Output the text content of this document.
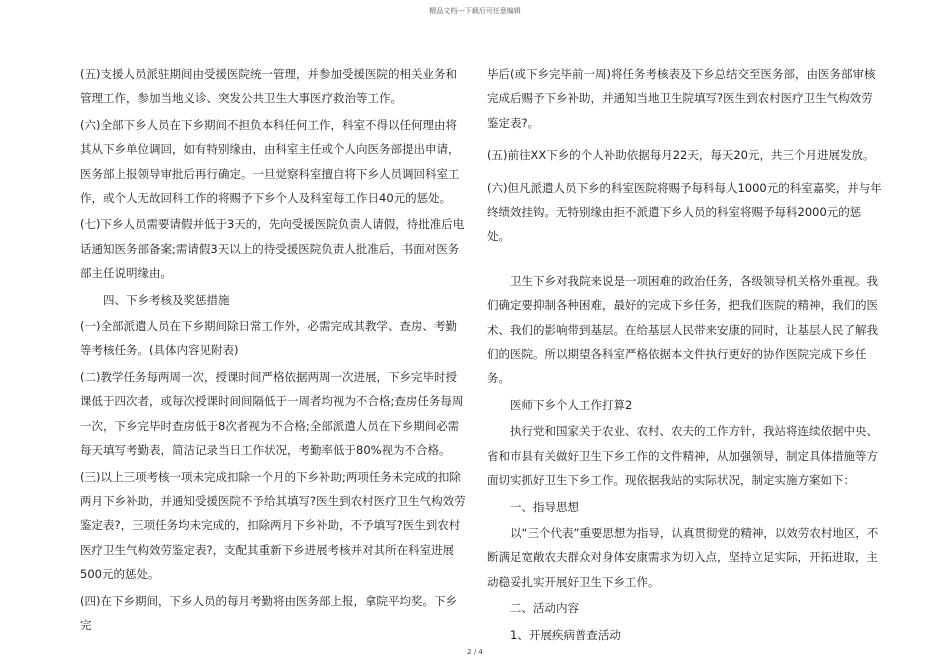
精品文档---下载后可任意编辑

(五)支援人员派驻期间由受援医院统一管理，并参加受援医院的相关业务和管理工作，参加当地义诊、突发公共卫生大事医疗救治等工作。

(六)全部下乡人员在下乡期间不担负本科任何工作，科室不得以任何理由将其从下乡单位调回，如有特别缘由，由科室主任或个人向医务部提出申请，医务部上报领导审批后再行确定。一旦觉察科室擅自将下乡人员调回科室工作，或个人无故回科工作的将赐予下乡个人及科室每工作日40元的惩处。

(七)下乡人员需要请假并低于3天的，先向受援医院负责人请假，待批准后电话通知医务部备案;需请假3天以上的待受援医院负责人批准后，书面对医务部主任说明缘由。

四、下乡考核及奖惩措施

(一)全部派遣人员在下乡期间除日常工作外，必需完成其教学、查房、考勤等考核任务。(具体内容见附表)

(二)教学任务每两周一次，授课时间严格依据两周一次进展，下乡完毕时授课低于四次者，或每次授课时间间隔低于一周者均视为不合格;查房任务每周一次，下乡完毕时查房低于8次者视为不合格;全部派遣人员在下乡期间必需每天填写考勤表，简洁记录当日工作状况，考勤率低于80%视为不合格。

(三)以上三项考核一项未完成扣除一个月的下乡补助;两项任务未完成的扣除两月下乡补助，并通知受援医院不予给其填写?医生到农村医疗卫生气构效劳鉴定表?，三项任务均未完成的，扣除两月下乡补助，不予填写?医生到农村医疗卫生气构效劳鉴定表?，支配其重新下乡进展考核并对其所在科室进展500元的惩处。

(四)在下乡期间，下乡人员的每月考勤将由医务部上报，拿院平均奖。下乡完

毕后(或下乡完毕前一周)将任务考核表及下乡总结交至医务部，由医务部审核完成后赐予下乡补助，并通知当地卫生院填写?医生到农村医疗卫生气构效劳鉴定表?。

(五)前往XX下乡的个人补助依据每月22天，每天20元，共三个月进展发放。

(六)但凡派遣人员下乡的科室医院将赐予每科每人1000元的科室嘉奖，并与年终绩效挂钩。无特别缘由拒不派遣下乡人员的科室将赐予每科2000元的惩处。

卫生下乡对我院来说是一项困难的政治任务，各级领导机关格外重视。我们确定要抑制各种困难，最好的完成下乡任务，把我们医院的精神，我们的医术、我们的影响带到基层。在给基层人民带来安康的同时，让基层人民了解我们的医院。所以期望各科室严格依据本文件执行更好的协作医院完成下乡任务。

医师下乡个人工作打算2

执行党和国家关于农业、农村、农夫的工作方针，我站将连续依据中央、省和市县有关做好卫生下乡工作的文件精神，从加强领导，制定具体措施等方面切实抓好卫生下乡工作。现依据我站的实际状况，制定实施方案如下：

一、指导思想

以“三个代表”重要思想为指导，认真贯彻党的精神，以效劳农村地区，不断满足宽敞农夫群众对身体安康需求为切入点，坚持立足实际，开拓进取，主动稳妥扎实开展好卫生下乡工作。

二、活动内容

1、开展疾病普查活动

2 / 4
